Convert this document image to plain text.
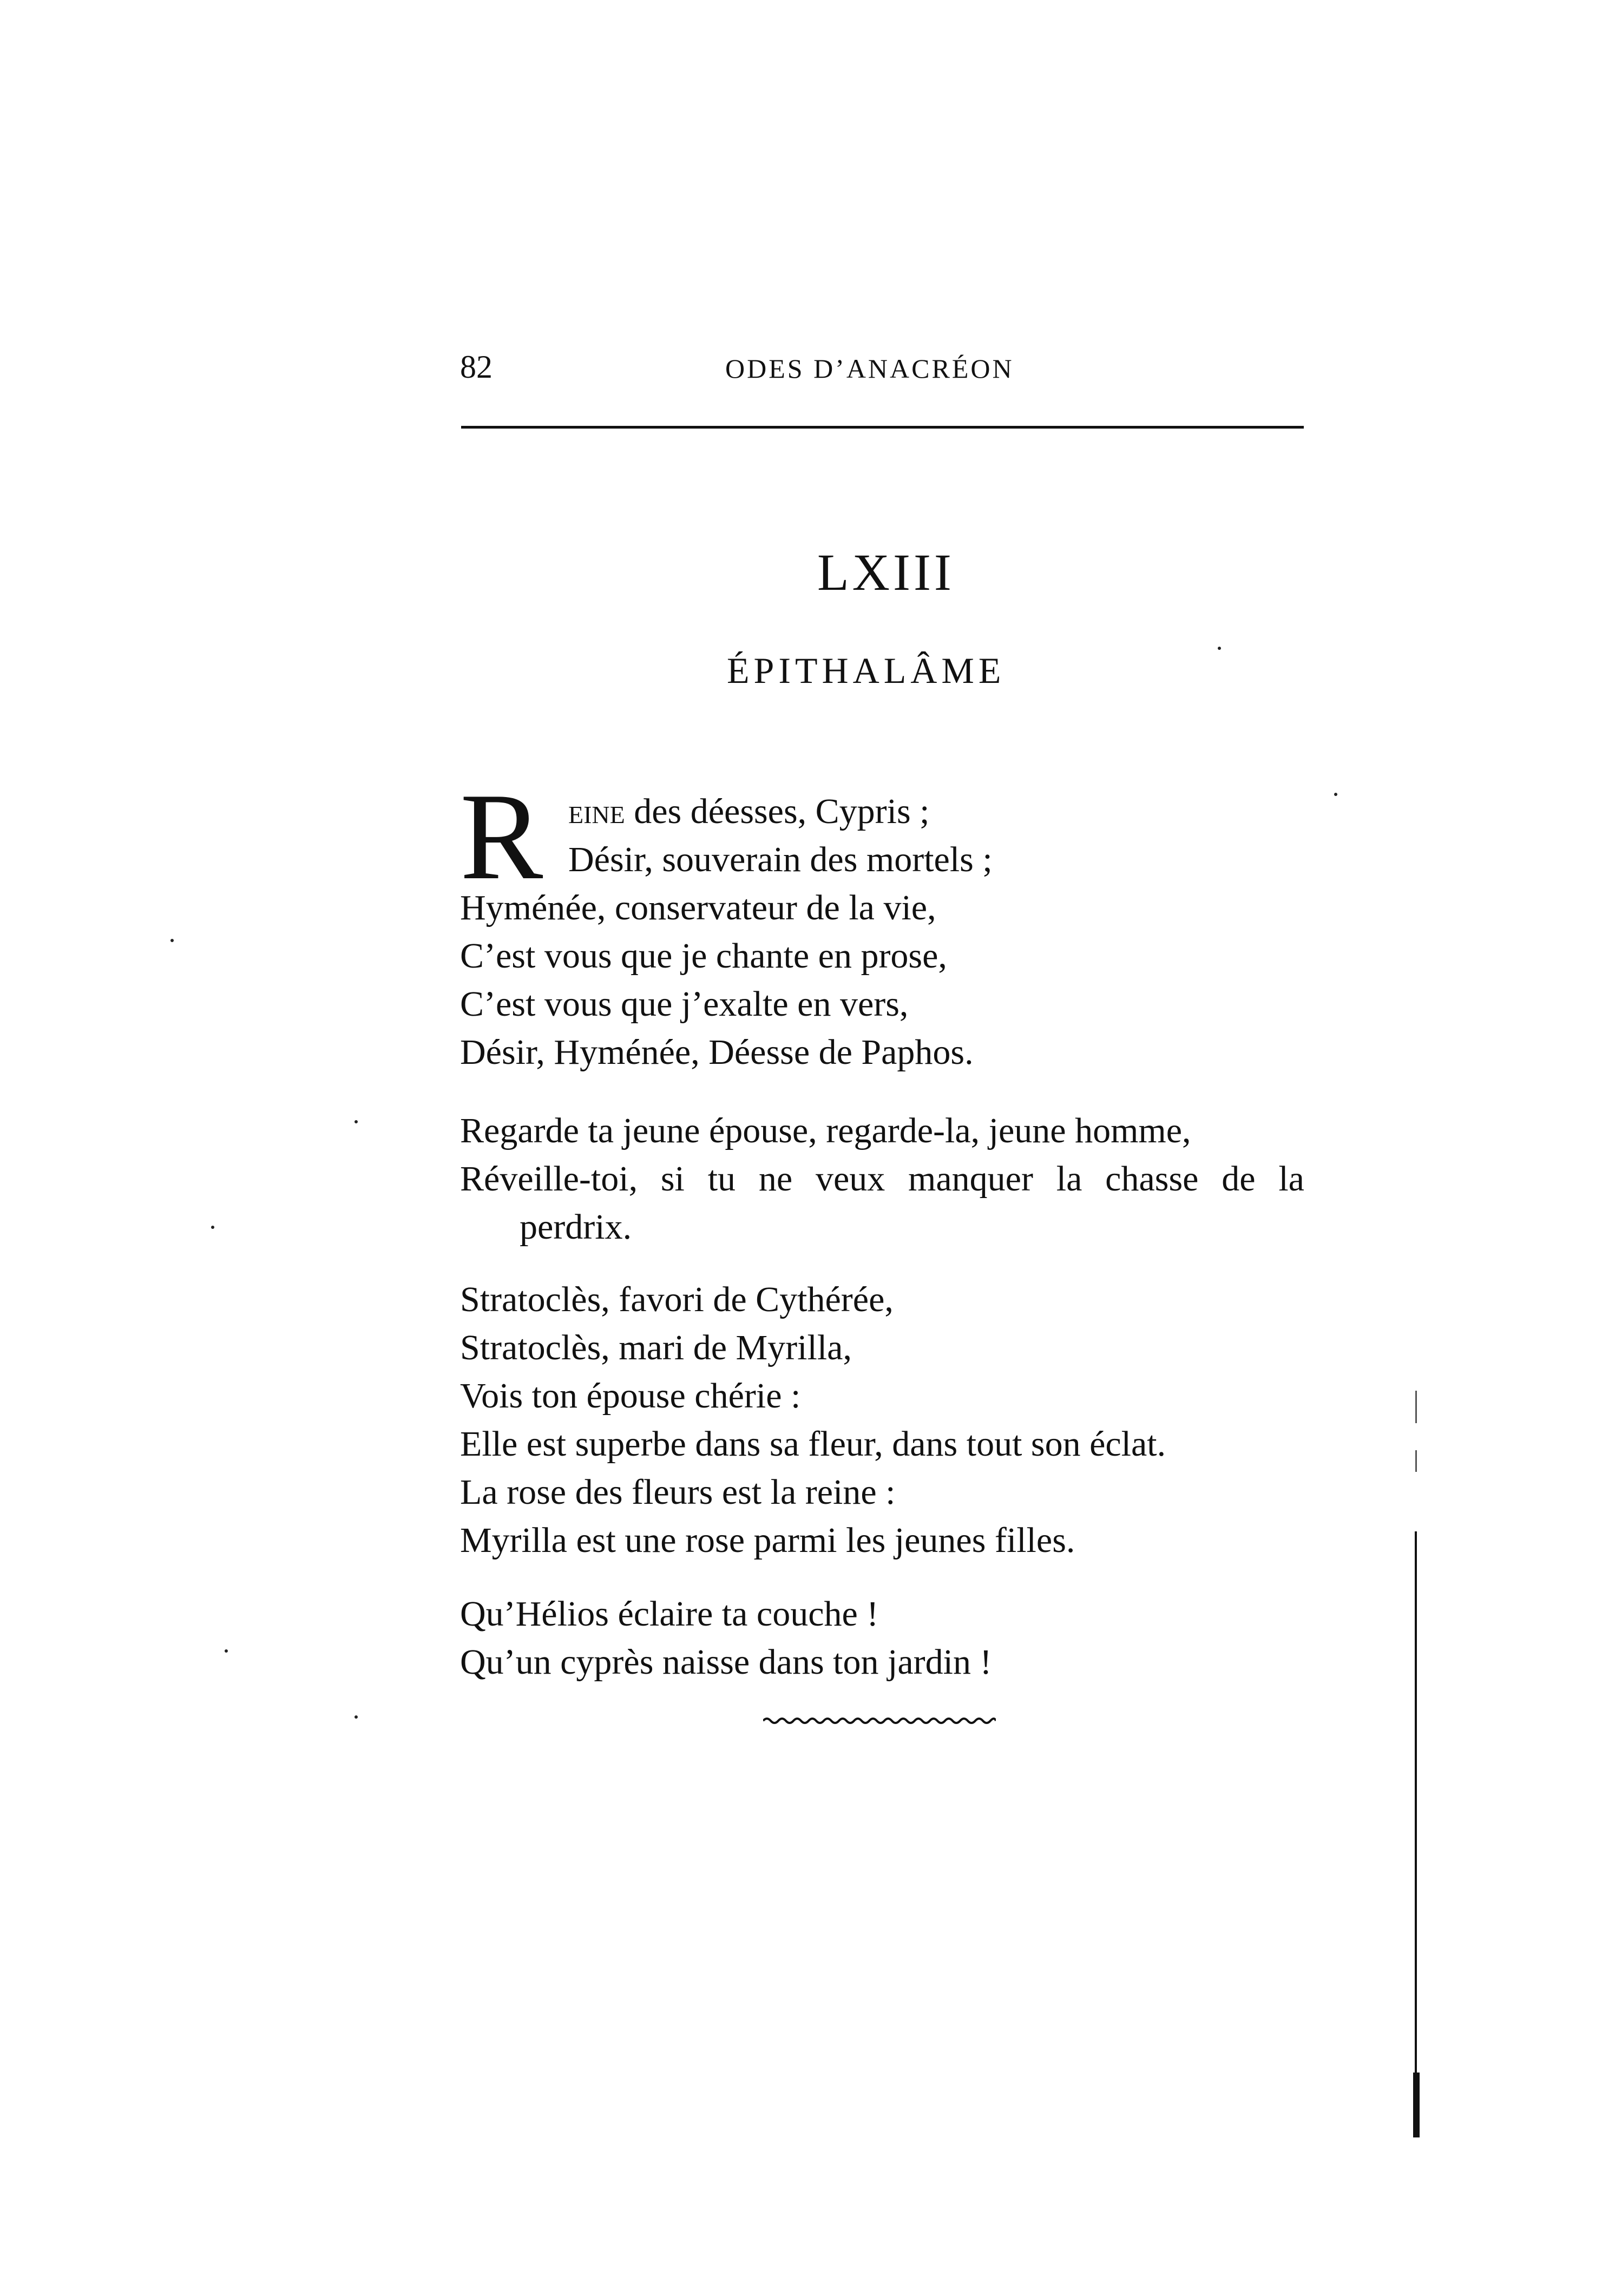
82	ODES D’ANACRÉON
LXIII
ÉPITHALÂME
R eine des déesses, Cypris ;
Désir, souverain des mortels ;
Hyménée, conservateur de la vie,
C’est vous que je chante en prose,
C’est vous que j’exalte en vers,
Désir, Hyménée, Déesse de Paphos.
Regarde ta jeune épouse, regarde-la, jeune homme,
Réveille-toi, si tu ne veux manquer la chasse de la
perdrix.
Stratoclès, favori de Cythérée,
Stratoclès, mari de Myrilla,
Vois ton épouse chérie :
Elle est superbe dans sa fleur, dans tout son éclat.
La rose des fleurs est la reine :
Myrilla est une rose parmi les jeunes filles.
Qu’Hélios éclaire ta couche !
Qu’un cyprès naisse dans ton jardin !
